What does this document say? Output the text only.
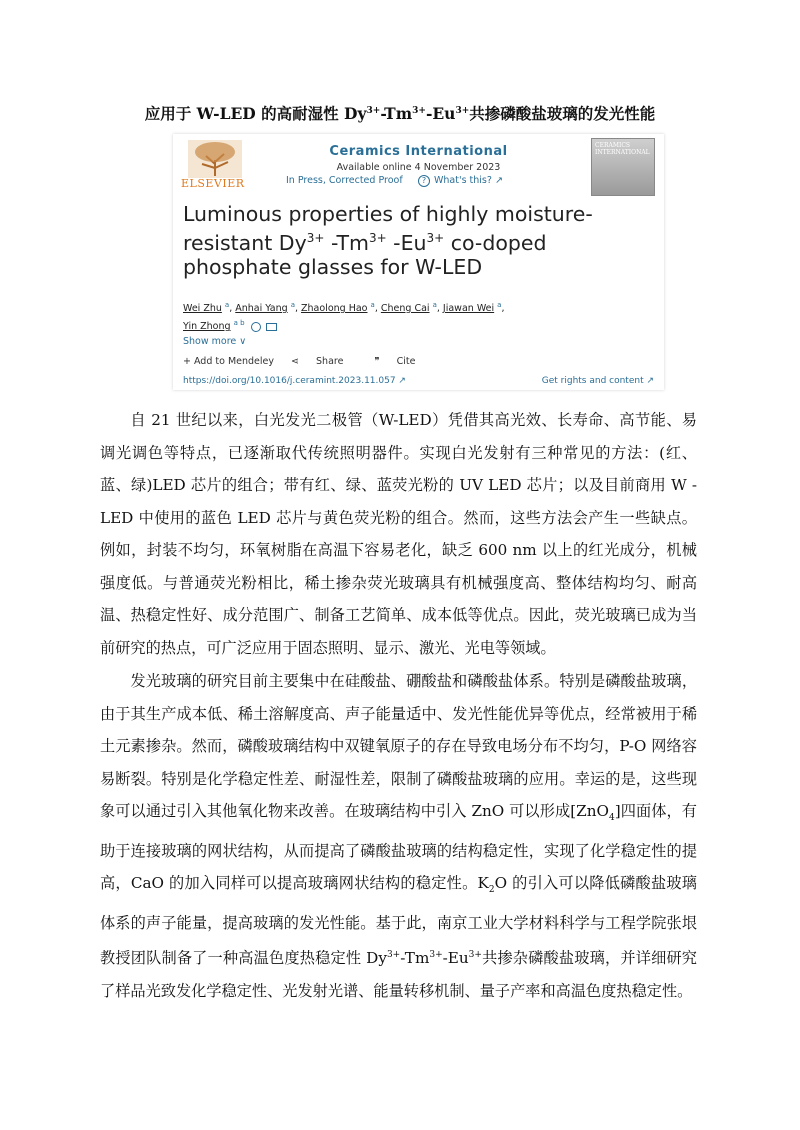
应用于 W-LED 的高耐湿性 $Dy^{3+}-Tm^{3+}-Eu^{3+}$共掺磷酸盐玻璃的发光性能
ELSEVIER
Ceramics International
Available online 4 November 2023
In Press, Corrected Proof	? What's this? ↗
CERAMICS INTERNATIONAL
Luminous properties of highly moisture-resistant $Dy^{3+}$ $-Tm^{3+}$ $-Eu^{3+}$ co-doped phosphate glasses for W-LED
Wei Zhu $^a$, Anhai Yang $^a$, Zhaolong Hao $^a$, Cheng Cai $^a$, Jiawan Wei $^a$,
Yin Zhong $^{a b}$
Show more ∨
+ Add to Mendeley ⋖ Share	❞ Cite
https://doi.org/10.1016/j.ceramint.2023.11.057 ↗	Get rights and content ↗

自 21 世纪以来，白光发光二极管（W-LED）凭借其高光效、长寿命、高节能、易调光调色等特点，已逐渐取代传统照明器件。实现白光发射有三种常见的方法：(红、蓝、绿)LED 芯片的组合；带有红、绿、蓝荧光粉的 UV LED 芯片；以及目前商用 W -LED 中使用的蓝色 LED 芯片与黄色荧光粉的组合。然而，这些方法会产生一些缺点。例如，封装不均匀，环氧树脂在高温下容易老化，缺乏 600 nm 以上的红光成分，机械强度低。与普通荧光粉相比，稀土掺杂荧光玻璃具有机械强度高、整体结构均匀、耐高温、热稳定性好、成分范围广、制备工艺简单、成本低等优点。因此，荧光玻璃已成为当前研究的热点，可广泛应用于固态照明、显示、激光、光电等领域。

发光玻璃的研究目前主要集中在硅酸盐、硼酸盐和磷酸盐体系。特别是磷酸盐玻璃，由于其生产成本低、稀土溶解度高、声子能量适中、发光性能优异等优点，经常被用于稀土元素掺杂。然而，磷酸玻璃结构中双键氧原子的存在导致电场分布不均匀，P-O 网络容易断裂。特别是化学稳定性差、耐湿性差，限制了磷酸盐玻璃的应用。幸运的是，这些现象可以通过引入其他氧化物来改善。在玻璃结构中引入 ZnO 可以形成[ZnO$_4$]四面体，有助于连接玻璃的网状结构，从而提高了磷酸盐玻璃的结构稳定性，实现了化学稳定性的提高，CaO 的加入同样可以提高玻璃网状结构的稳定性。$K_2O$ 的引入可以降低磷酸盐玻璃体系的声子能量，提高玻璃的发光性能。基于此，南京工业大学材料科学与工程学院张垠教授团队制备了一种高温色度热稳定性 $Dy^{3+}-Tm^{3+}-Eu^{3+}$共掺杂磷酸盐玻璃，并详细研究了样品光致发化学稳定性、光发射光谱、能量转移机制、量子产率和高温色度热稳定性。
